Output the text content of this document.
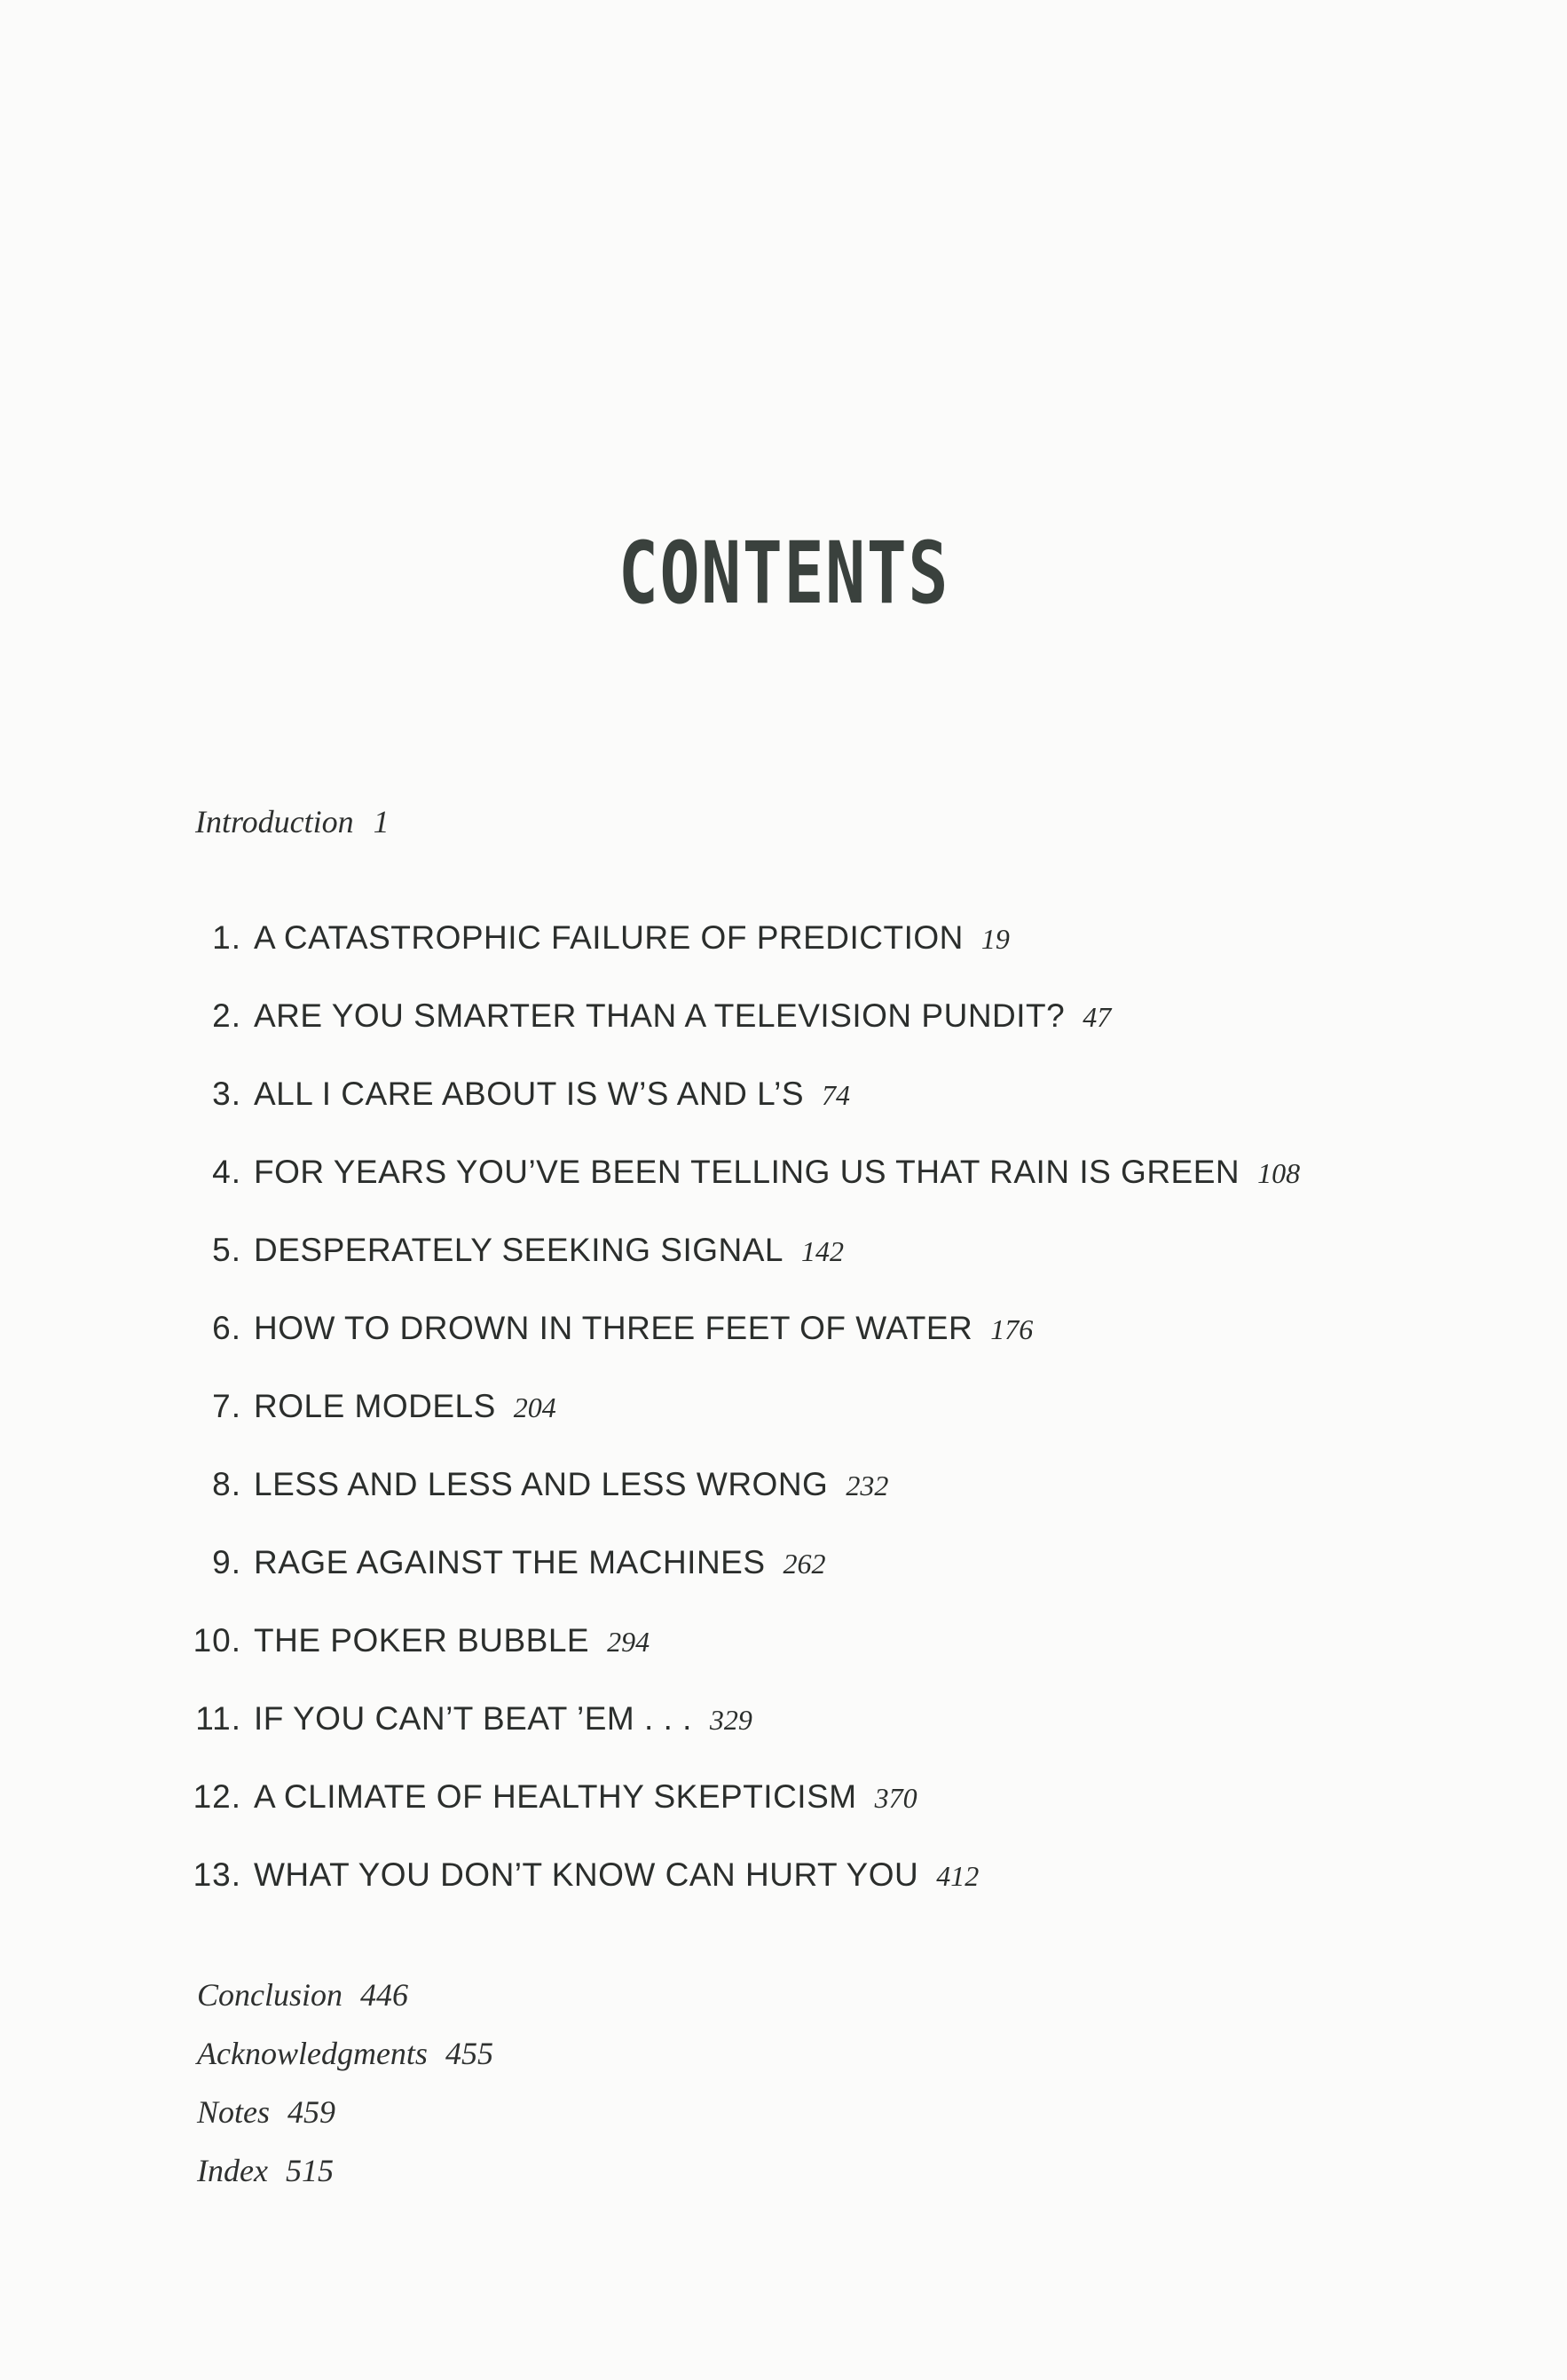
CONTENTS
Introduction 1
1. A CATASTROPHIC FAILURE OF PREDICTION 19
2. ARE YOU SMARTER THAN A TELEVISION PUNDIT? 47
3. ALL I CARE ABOUT IS W’S AND L’S 74
4. FOR YEARS YOU’VE BEEN TELLING US THAT RAIN IS GREEN 108
5. DESPERATELY SEEKING SIGNAL 142
6. HOW TO DROWN IN THREE FEET OF WATER 176
7. ROLE MODELS 204
8. LESS AND LESS AND LESS WRONG 232
9. RAGE AGAINST THE MACHINES 262
10. THE POKER BUBBLE 294
11. IF YOU CAN’T BEAT ’EM . . . 329
12. A CLIMATE OF HEALTHY SKEPTICISM 370
13. WHAT YOU DON’T KNOW CAN HURT YOU 412
Conclusion 446
Acknowledgments 455
Notes 459
Index 515
